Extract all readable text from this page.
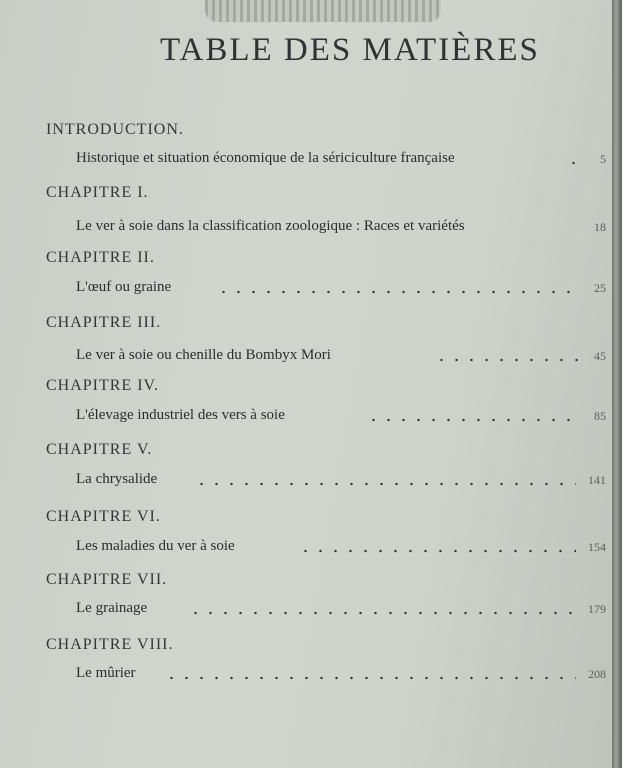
TABLE DES MATIÈRES
INTRODUCTION.
Historique et situation économique de la sériciculture française	5
CHAPITRE I.
Le ver à soie dans la classification zoologique : Races et variétés	18
CHAPITRE II.
L'œuf ou graine	25
CHAPITRE III.
Le ver à soie ou chenille du Bombyx Mori	45
CHAPITRE IV.
L'élevage industriel des vers à soie	85
CHAPITRE V.
La chrysalide	141
CHAPITRE VI.
Les maladies du ver à soie	154
CHAPITRE VII.
Le grainage	179
CHAPITRE VIII.
Le mûrier	208
